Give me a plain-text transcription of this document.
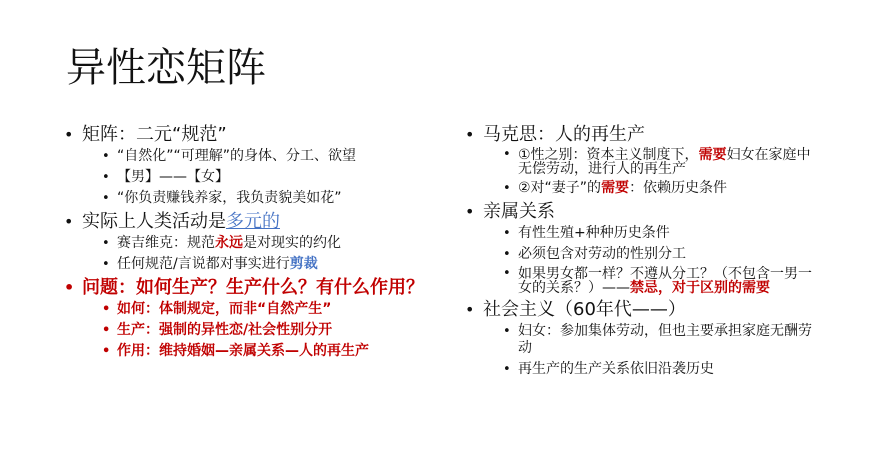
异性恋矩阵
• 矩阵：二元“规范”
• “自然化”“可理解”的身体、分工、欲望
• 【男】——【女】
• “你负责赚钱养家，我负责貌美如花”
• 实际上人类活动是多元的
• 赛吉维克：规范永远是对现实的约化
• 任何规范/言说都对事实进行剪裁
• 问题：如何生产？生产什么？有什么作用？
• 如何：体制规定，而非“自然产生”
• 生产：强制的异性恋/社会性别分开
• 作用：维持婚姻—亲属关系—人的再生产
• 马克思：人的再生产
• ①性之别：资本主义制度下，需要妇女在家庭中无偿劳动，进行人的再生产
• ②对“妻子”的需要：依赖历史条件
• 亲属关系
• 有性生殖+种种历史条件
• 必须包含对劳动的性别分工
• 如果男女都一样？不遵从分工？（不包含一男一女的关系？）——禁忌，对于区别的需要
• 社会主义（60年代——）
• 妇女：参加集体劳动，但也主要承担家庭无酬劳动
• 再生产的生产关系依旧沿袭历史
